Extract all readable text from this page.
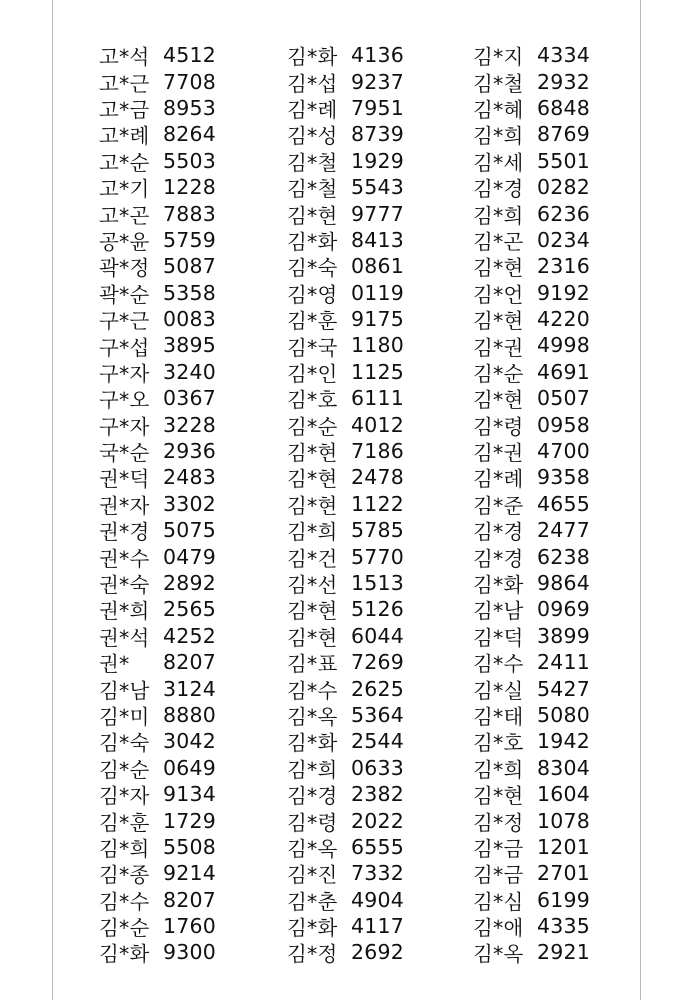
고*석 4512
고*근 7708
고*금 8953
고*례 8264
고*순 5503
고*기 1228
고*곤 7883
공*윤 5759
곽*정 5087
곽*순 5358
구*근 0083
구*섭 3895
구*자 3240
구*오 0367
구*자 3228
국*순 2936
권*덕 2483
권*자 3302
권*경 5075
권*수 0479
권*숙 2892
권*희 2565
권*석 4252
권*	8207
김*남 3124
김*미 8880
김*숙 3042
김*순 0649
김*자 9134
김*훈 1729
김*희 5508
김*종 9214
김*수 8207
김*순 1760
김*화 9300
김*화 4136
김*섭 9237
김*례 7951
김*성 8739
김*철 1929
김*철 5543
김*현 9777
김*화 8413
김*숙 0861
김*영 0119
김*훈 9175
김*국 1180
김*인 1125
김*호 6111
김*순 4012
김*현 7186
김*현 2478
김*현 1122
김*희 5785
김*건 5770
김*선 1513
김*현 5126
김*현 6044
김*표 7269
김*수 2625
김*옥 5364
김*화 2544
김*희 0633
김*경 2382
김*령 2022
김*옥 6555
김*진 7332
김*춘 4904
김*화 4117
김*정 2692
김*지 4334
김*철 2932
김*혜 6848
김*희 8769
김*세 5501
김*경 0282
김*희 6236
김*곤 0234
김*현 2316
김*언 9192
김*현 4220
김*권 4998
김*순 4691
김*현 0507
김*령 0958
김*권 4700
김*례 9358
김*준 4655
김*경 2477
김*경 6238
김*화 9864
김*남 0969
김*덕 3899
김*수 2411
김*실 5427
김*태 5080
김*호 1942
김*희 8304
김*현 1604
김*정 1078
김*금 1201
김*금 2701
김*심 6199
김*애 4335
김*옥 2921
